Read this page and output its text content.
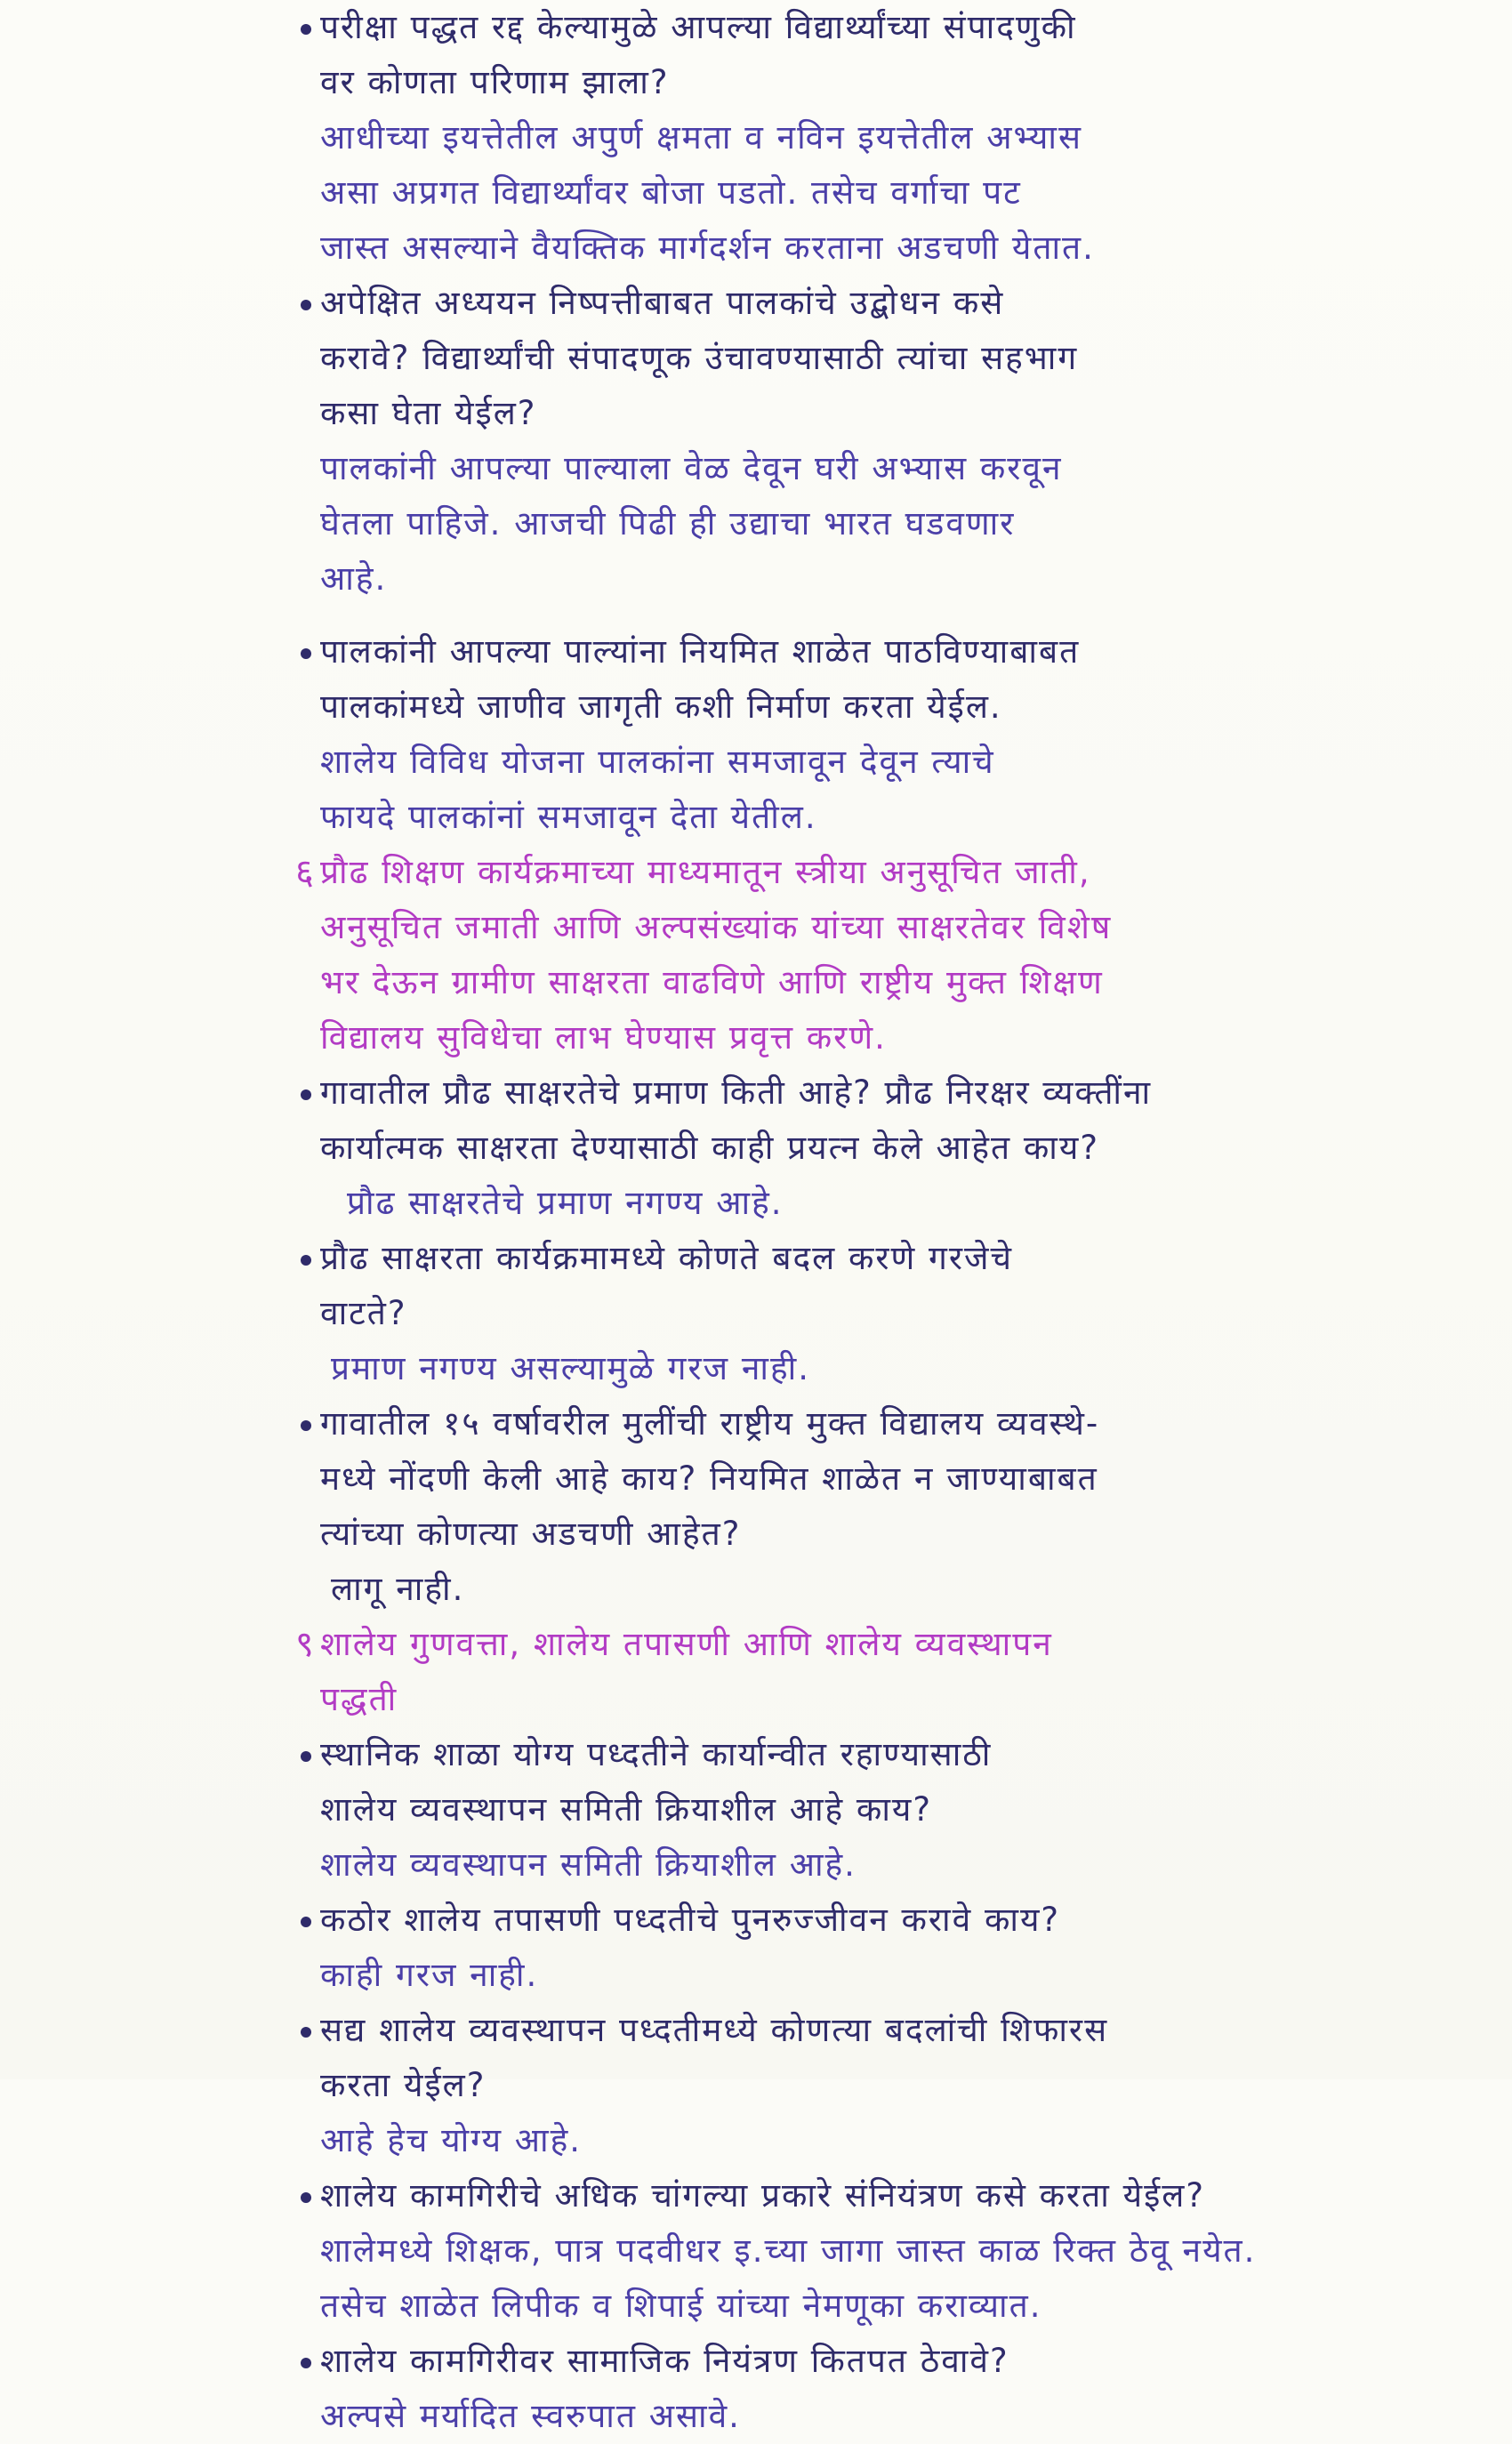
परीक्षा पद्धत रद्द केल्यामुळे आपल्या विद्यार्थ्यांच्या संपादणुकी
वर कोणता परिणाम झाला?
आधीच्या इयत्तेतील अपुर्ण क्षमता व नविन इयत्तेतील अभ्यास
असा अप्रगत विद्यार्थ्यांवर बोजा पडतो. तसेच वर्गाचा पट
जास्त असल्याने वैयक्तिक मार्गदर्शन करताना अडचणी येतात.
अपेक्षित अध्ययन निष्पत्तीबाबत पालकांचे उद्बोधन कसे
करावे? विद्यार्थ्यांची संपादणूक उंचावण्यासाठी त्यांचा सहभाग
कसा घेता येईल?
पालकांनी आपल्या पाल्याला वेळ देवून घरी अभ्यास करवून
घेतला पाहिजे. आजची पिढी ही उद्याचा भारत घडवणार
आहे.
पालकांनी आपल्या पाल्यांना नियमित शाळेत पाठविण्याबाबत
पालकांमध्ये जाणीव जागृती कशी निर्माण करता येईल.
शालेय विविध योजना पालकांना समजावून देवून त्याचे
फायदे पालकांनां समजावून देता येतील.
६ प्रौढ शिक्षण कार्यक्रमाच्या माध्यमातून स्त्रीया अनुसूचित जाती,
अनुसूचित जमाती आणि अल्पसंख्यांक यांच्या साक्षरतेवर विशेष
भर देऊन ग्रामीण साक्षरता वाढविणे आणि राष्ट्रीय मुक्त शिक्षण
विद्यालय सुविधेचा लाभ घेण्यास प्रवृत्त करणे.
गावातील प्रौढ साक्षरतेचे प्रमाण किती आहे? प्रौढ निरक्षर व्यक्तींना
कार्यात्मक साक्षरता देण्यासाठी काही प्रयत्न केले आहेत काय?
प्रौढ साक्षरतेचे प्रमाण नगण्य आहे.
प्रौढ साक्षरता कार्यक्रमामध्ये कोणते बदल करणे गरजेचे
वाटते?
प्रमाण नगण्य असल्यामुळे गरज नाही.
गावातील १५ वर्षावरील मुलींची राष्ट्रीय मुक्त विद्यालय व्यवस्थे-
मध्ये नोंदणी केली आहे काय? नियमित शाळेत न जाण्याबाबत
त्यांच्या कोणत्या अडचणी आहेत?
लागू नाही.
९ शालेय गुणवत्ता, शालेय तपासणी आणि शालेय व्यवस्थापन
पद्धती
स्थानिक शाळा योग्य पध्दतीने कार्यान्वीत रहाण्यासाठी
शालेय व्यवस्थापन समिती क्रियाशील आहे काय?
शालेय व्यवस्थापन समिती क्रियाशील आहे.
कठोर शालेय तपासणी पध्दतीचे पुनरुज्जीवन करावे काय?
काही गरज नाही.
सद्य शालेय व्यवस्थापन पध्दतीमध्ये कोणत्या बदलांची शिफारस
करता येईल?
आहे हेच योग्य आहे.
शालेय कामगिरीचे अधिक चांगल्या प्रकारे संनियंत्रण कसे करता येईल?
शालेमध्ये शिक्षक, पात्र पदवीधर इ.च्या जागा जास्त काळ रिक्त ठेवू नयेत.
तसेच शाळेत लिपीक व शिपाई यांच्या नेमणूका कराव्यात.
शालेय कामगिरीवर सामाजिक नियंत्रण कितपत ठेवावे?
अल्पसे मर्यादित स्वरुपात असावे.
